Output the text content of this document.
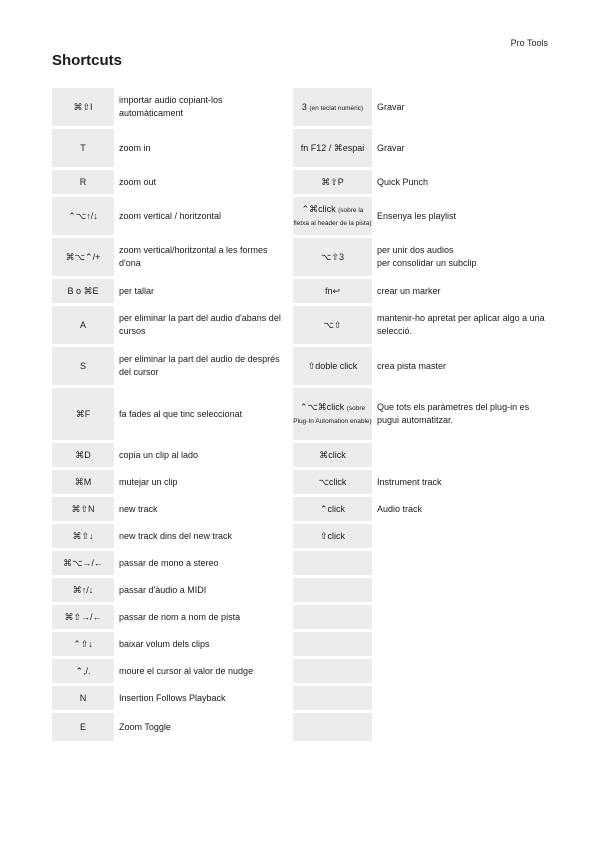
Pro Tools
Shortcuts
⌘⇧I	importar audio copiant-los automàticament
T	zoom in
R	zoom out
⌃⌥↑/↓	zoom vertical / horitzontal
⌘⌥⌃/+	zoom vertical/horitzontal a les formes d'ona
B o ⌘E	per tallar
A	per eliminar la part del audio d'abans del cursos
S	per eliminar la part del audio de després del cursor
⌘F	fa fades al que tinc seleccionat
⌘D	copia un clip al lado
⌘M	mutejar un clip
⌘⇧N	new track
⌘⇧↓	new track dins del new track
⌘⌥→/←	passar de mono a stereo
⌘↑/↓	passar d'àudio a MIDI
⌘⇧→/←	passar de nom a nom de pista
⌃⇧↓	baixar volum dels clips
⌃,/.	moure el cursor al valor de nudge
N	Insertion Follows Playback
E	Zoom Toggle
3 (en teclat numèric)	Gravar
fn F12 / ⌘espai	Gravar
⌘⇧P	Quick Punch
⌃⌘click (sobre la fletxa al header de la pista)	Ensenya les playlist
⌥⇧3	per unir dos audios
per consolidar un subclip
fn↩	crear un marker
⌥⇧	mantenir-ho apretat per aplicar algo a una selecció.
⇧doble click	crea pista master
⌃⌥⌘click (sobre Plug-In Automation enable)	Que tots els paràmetres del plug-in es pugui automatitzar.
⌘click	
⌥click	Instrument track
⌃click	Audio track
⇧click	
